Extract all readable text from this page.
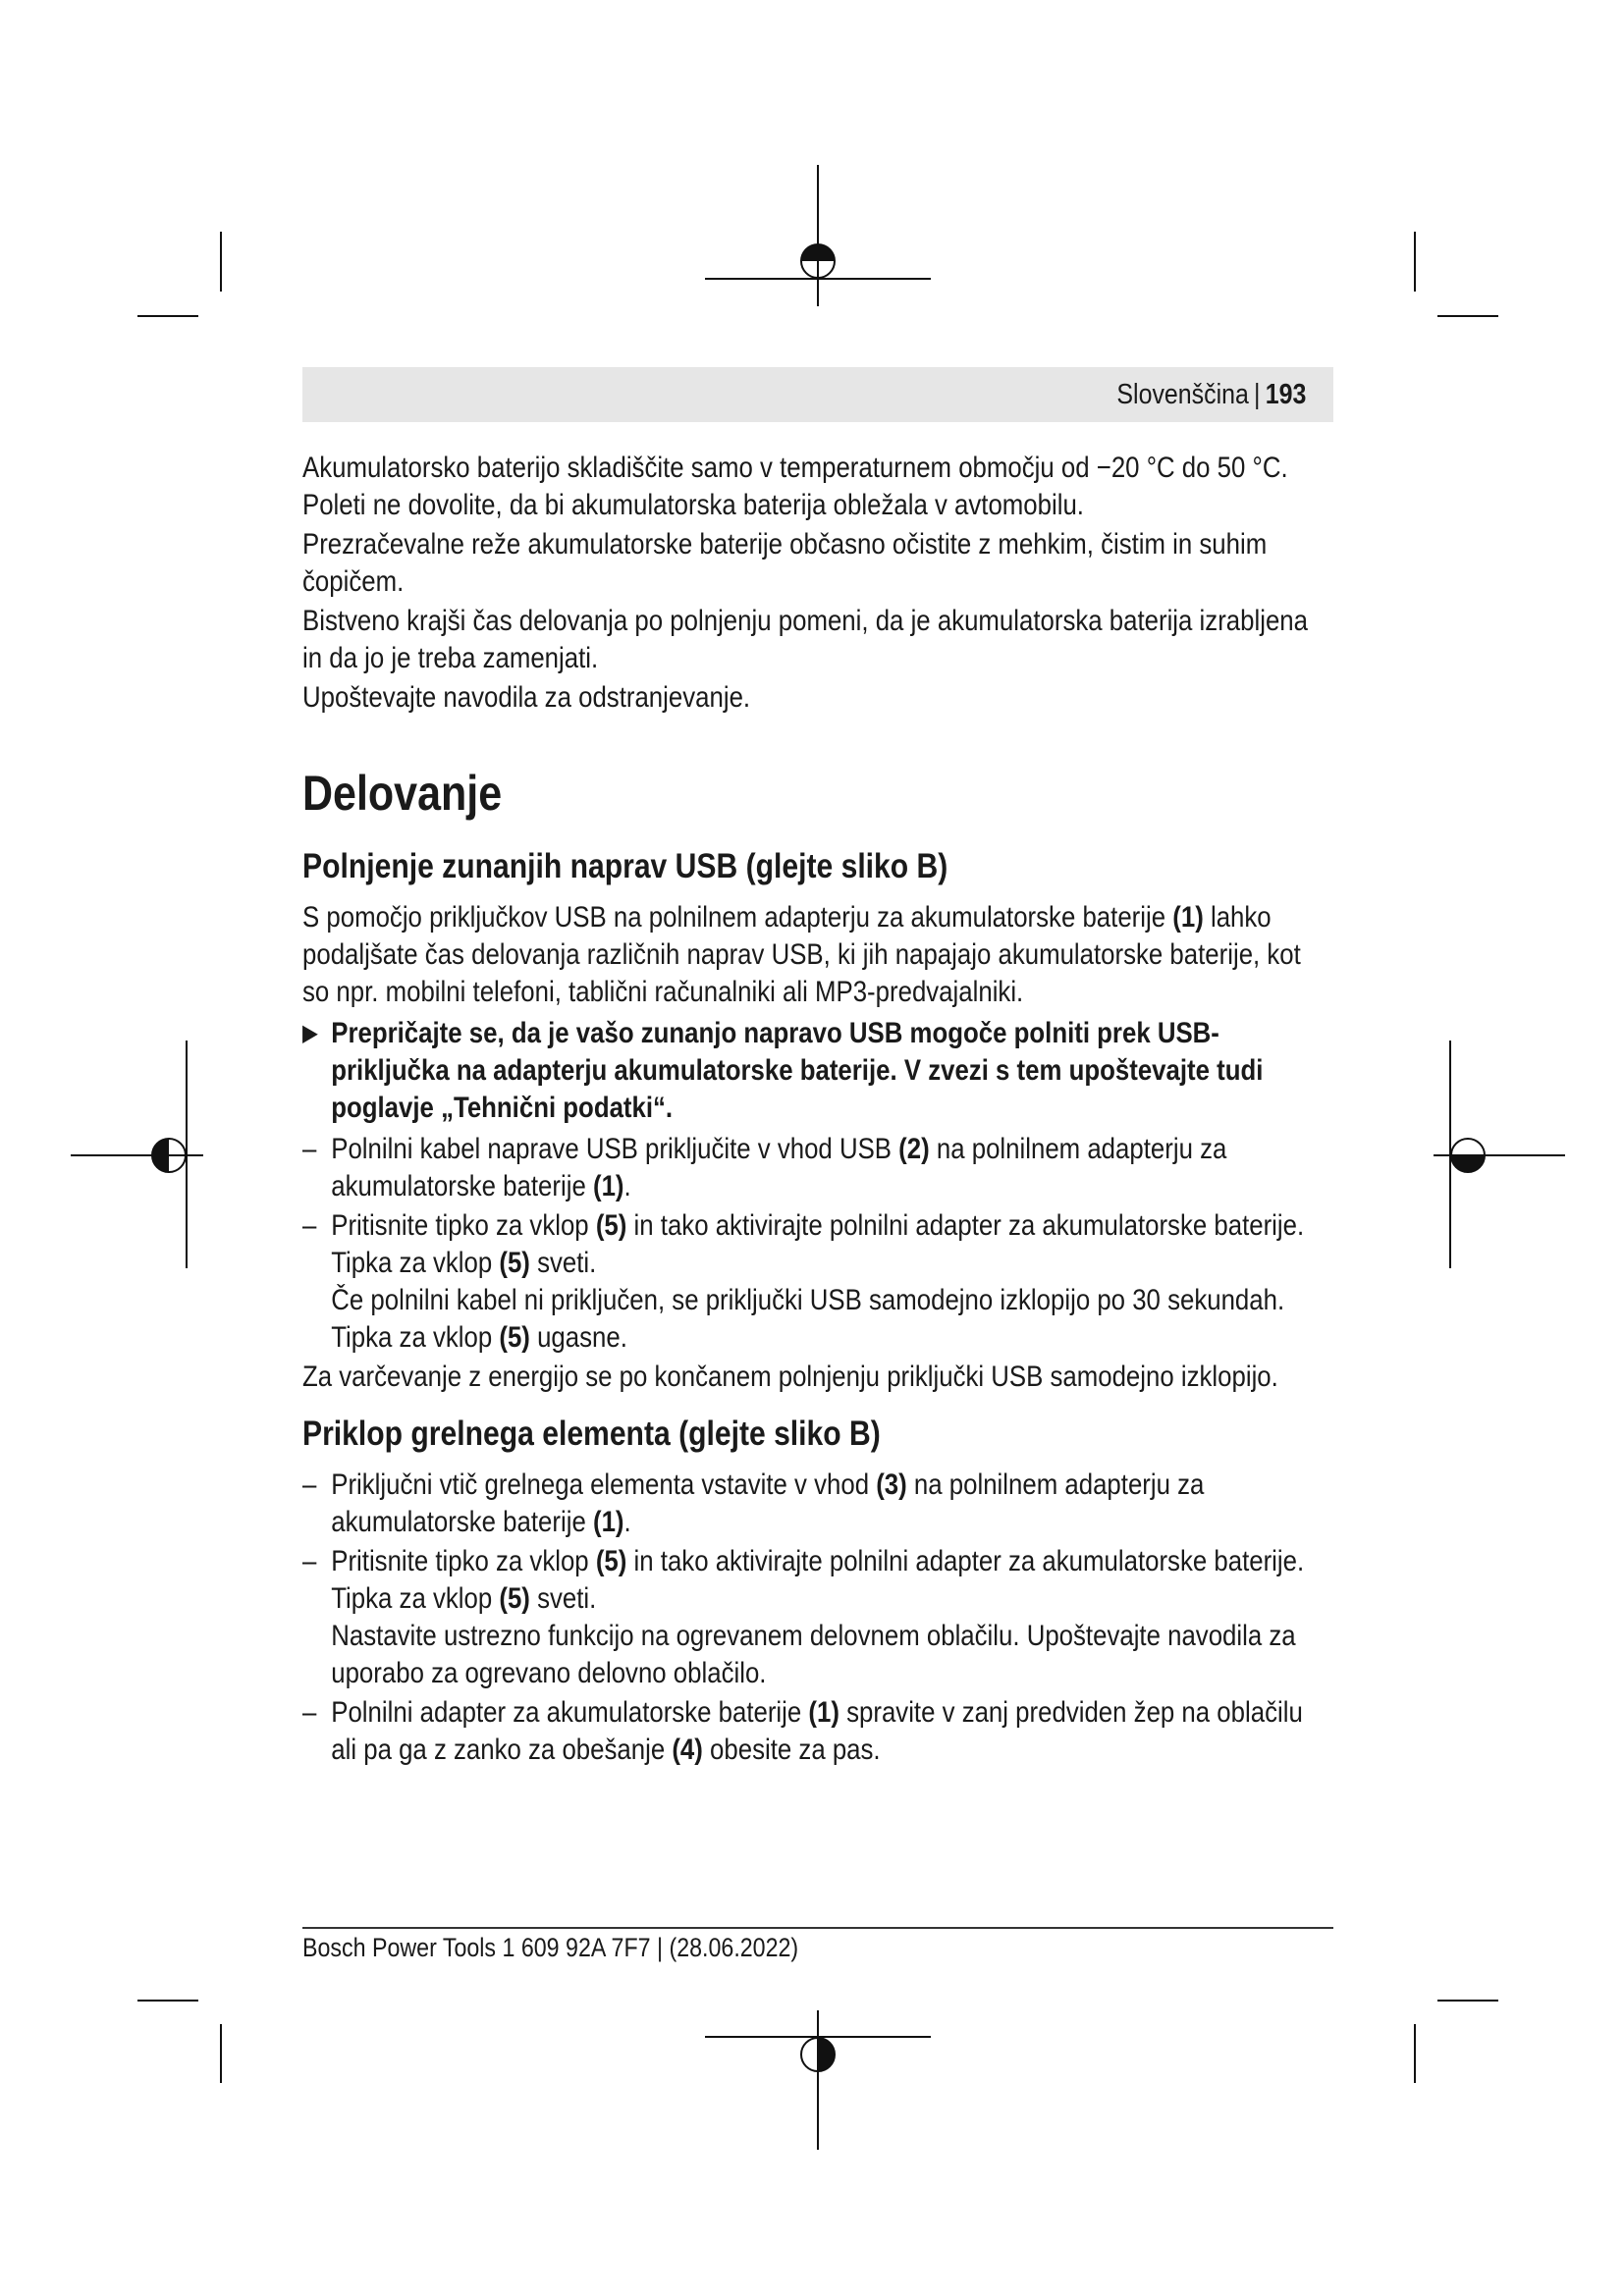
Slovenščina | 193

Akumulatorsko baterijo skladiščite samo v temperaturnem območju od −20 °C do 50 °C. Poleti ne dovolite, da bi akumulatorska baterija obležala v avtomobilu.

Prezračevalne reže akumulatorske baterije občasno očistite z mehkim, čistim in suhim čopičem.

Bistveno krajši čas delovanja po polnjenju pomeni, da je akumulatorska baterija izrabljena in da jo je treba zamenjati.

Upoštevajte navodila za odstranjevanje.

Delovanje
Polnjenje zunanjih naprav USB (glejte sliko B)

S pomočjo priključkov USB na polnilnem adapterju za akumulatorske baterije (1) lahko podaljšate čas delovanja različnih naprav USB, ki jih napajajo akumulatorske baterije, kot so npr. mobilni telefoni, tablični računalniki ali MP3-predvajalniki.

▶ Prepričajte se, da je vašo zunanjo napravo USB mogoče polniti prek USB-priključka na adapterju akumulatorske baterije. V zvezi s tem upoštevajte tudi poglavje „Tehnični podatki“.
– Polnilni kabel naprave USB priključite v vhod USB (2) na polnilnem adapterju za akumulatorske baterije (1).
– Pritisnite tipko za vklop (5) in tako aktivirajte polnilni adapter za akumulatorske baterije. Tipka za vklop (5) sveti.
Če polnilni kabel ni priključen, se priključki USB samodejno izklopijo po 30 sekundah. Tipka za vklop (5) ugasne.

Za varčevanje z energijo se po končanem polnjenju priključki USB samodejno izklopijo.

Priklop grelnega elementa (glejte sliko B)
– Priključni vtič grelnega elementa vstavite v vhod (3) na polnilnem adapterju za akumulatorske baterije (1).
– Pritisnite tipko za vklop (5) in tako aktivirajte polnilni adapter za akumulatorske baterije. Tipka za vklop (5) sveti.
Nastavite ustrezno funkcijo na ogrevanem delovnem oblačilu. Upoštevajte navodila za uporabo za ogrevano delovno oblačilo.
– Polnilni adapter za akumulatorske baterije (1) spravite v zanj predviden žep na oblačilu ali pa ga z zanko za obešanje (4) obesite za pas.
Bosch Power Tools 1 609 92A 7F7 | (28.06.2022)
